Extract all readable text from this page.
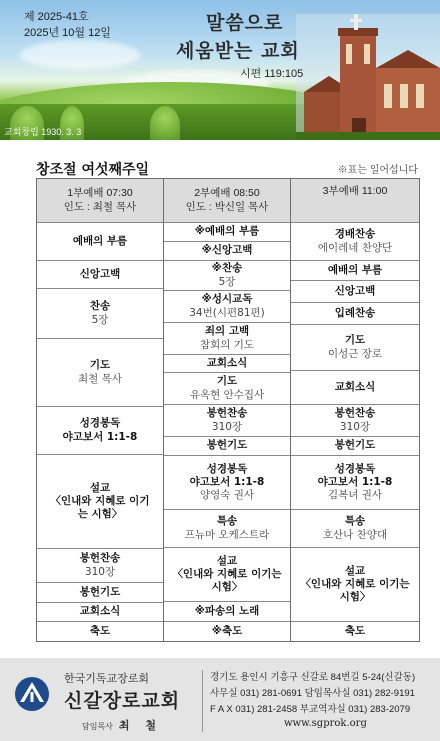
제 2025-41호
2025년 10월 12일	말씀으로
세움받는 교회
시편 119:105
교회창립 1930. 3. 3
창조절 여섯째주일	※표는 일어섭니다
1부예배 07:30
인도 : 최철 목사
예배의 부름
신앙고백
찬송
5장
기도
최철 목사
성경봉독
야고보서 1:1-8
설교
〈인내와 지혜로 이기는 시험〉
봉헌찬송
310장
봉헌기도
교회소식
축도
2부예배 08:50
인도 : 박신일 목사
※예배의 부름
※신앙고백
※찬송
5장
※성시교독
34번(시편81편)
죄의 고백
참회의 기도
교회소식
기도
유옥현 안수집사
봉헌찬송
310장
봉헌기도
성경봉독
야고보서 1:1-8
양영숙 권사
특송
프뉴마 오케스트라
설교
〈인내와 지혜로 이기는 시험〉
※파송의 노래
※축도
3부예배 11:00
경배찬송
에이레네 찬양단
예배의 부름
신앙고백
입례찬송
기도
이성근 장로
교회소식
봉헌찬송
310장
봉헌기도
성경봉독
야고보서 1:1-8
김복녀 권사
특송
호산나 찬양대
설교
〈인내와 지혜로 이기는 시험〉
축도
한국기독교장로회
신갈장로교회
담임목사 최 철
경기도 용인시 기흥구 신갈로 84번길 5-24(신갈동)
사무실 031) 281-0691 담임목사실 031) 282-9191
F A X 031) 281-2458 부교역자실 031) 283-2079
www.sgprok.org
